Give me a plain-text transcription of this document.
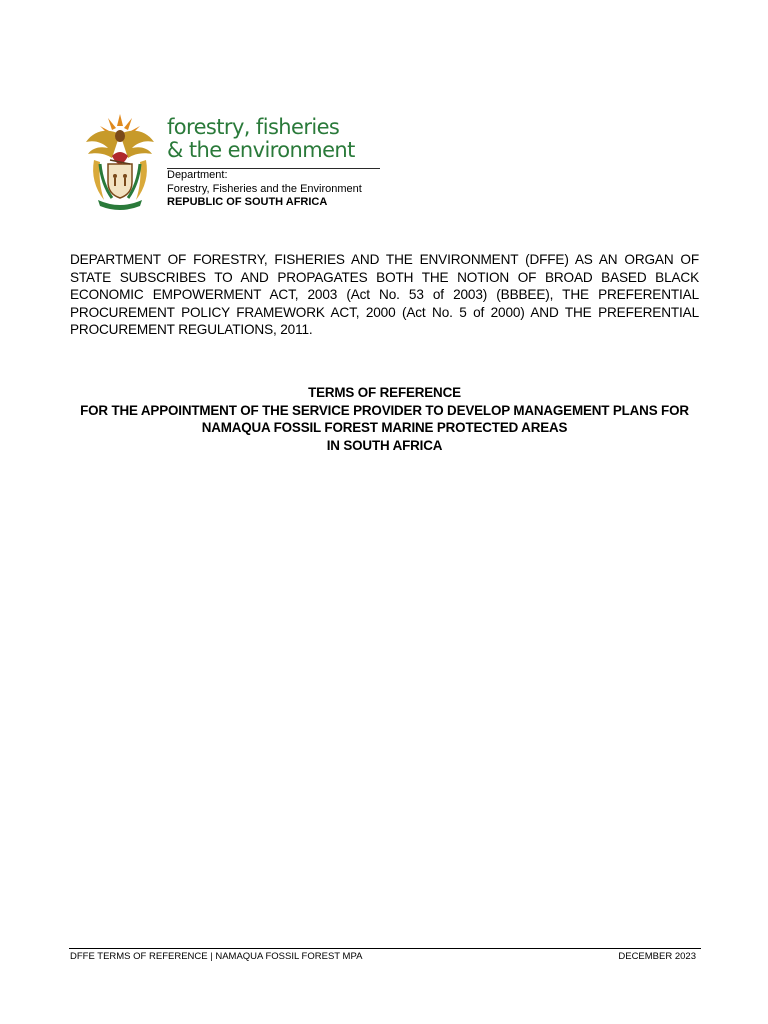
forestry, fisheries
& the environment
Department:
Forestry, Fisheries and the Environment
REPUBLIC OF SOUTH AFRICA
DEPARTMENT OF FORESTRY, FISHERIES AND THE ENVIRONMENT (DFFE) AS AN ORGAN OF STATE SUBSCRIBES TO AND PROPAGATES BOTH THE NOTION OF BROAD BASED BLACK ECONOMIC EMPOWERMENT ACT, 2003 (Act No. 53 of 2003) (BBBEE), THE PREFERENTIAL PROCUREMENT POLICY FRAMEWORK ACT, 2000 (Act No. 5 of 2000) AND THE PREFERENTIAL PROCUREMENT REGULATIONS, 2011.
TERMS OF REFERENCE
FOR THE APPOINTMENT OF THE SERVICE PROVIDER TO DEVELOP MANAGEMENT PLANS FOR
NAMAQUA FOSSIL FOREST MARINE PROTECTED AREAS
IN SOUTH AFRICA
DFFE TERMS OF REFERENCE | NAMAQUA FOSSIL FOREST MPA	DECEMBER 2023
